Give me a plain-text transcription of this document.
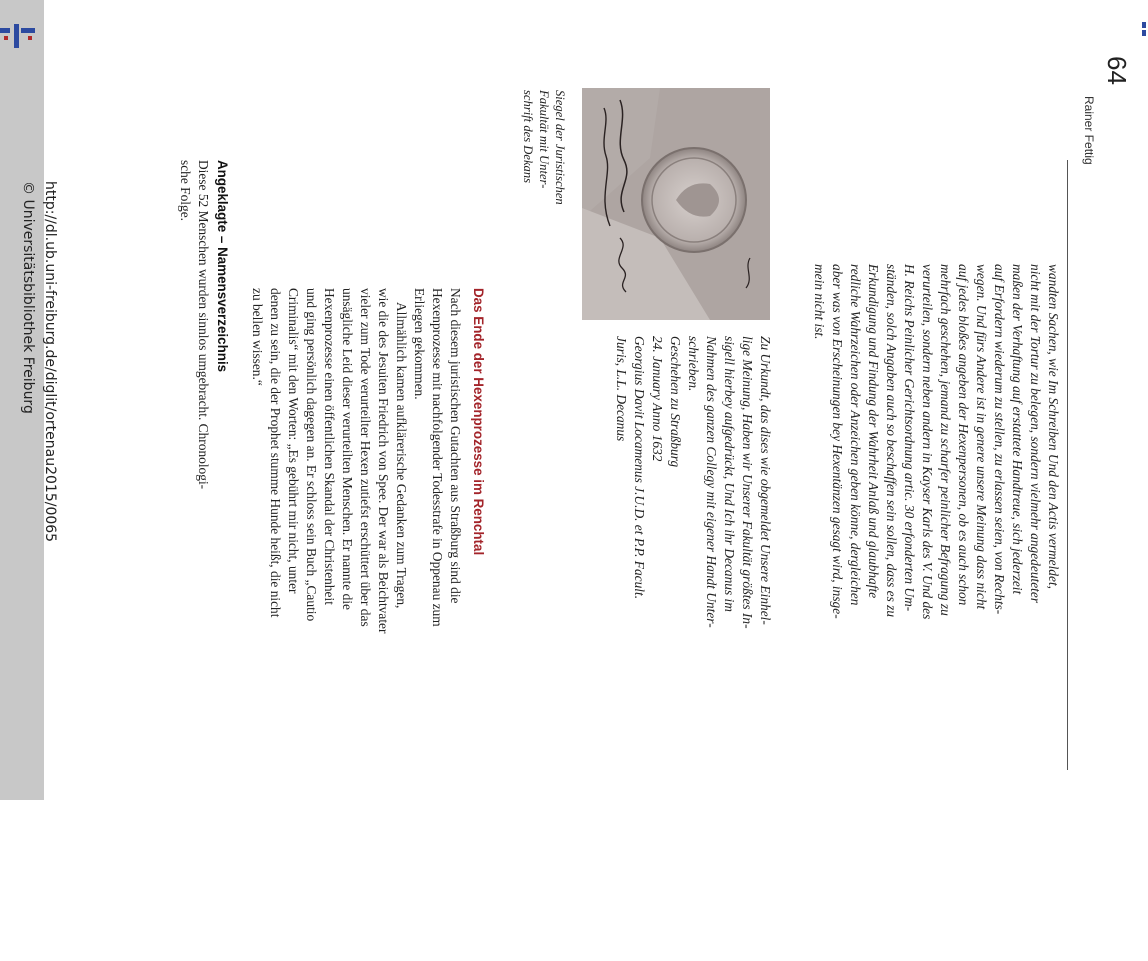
http://dl.ub.uni-freiburg.de/diglit/ortenau2015/0065
© Universitätsbibliothek Freiburg
64
Rainer Fettig
wandten Sachen, wie Im Schreiben Und den Actis vermeldet,
nicht mit der Tortur zu belegen, sondern vielmehr angedeuteter
maßen der Verhaftung auf erstattete Handtreue, sich jederzeit
auf Erfordern wiederum zu stellen, zu erlassen seien, von Rechts-
wegen. Und fürs Andere ist in genere unsere Meinung dass nicht
auf jedes bloßes angeben der Hexenpersonen, ob es auch schon
mehrfach geschehen, jemand zu scharfer peinlicher Befragung zu
verurteilen, sondern neben andern in Kayser Karls des V. Und des
H. Reichs Peinlicher Gerichtsordnung artic. 30 erfonderten Um-
ständen, solch Angaben auch so beschaffen sein sollen, dass es zu
Erkundigung und Findung der Wahrheit Anlaß und glaubhafte
redliche Wahrzeichen oder Anzeichen geben könne, dergleichen
aber was von Erscheinungen bey Hexentänzen gesagt wird, insge-
mein nicht ist.
Zu Urkundt, das dises wie obgemeldet Unsere Einhel-
lige Meinung, Haben wir Unserer Fakultät größtes In-
sigell hierbey aufgedrückt, Und Ich ihr Decanus im
Nahmen des ganzen Collegy mit eigener Handt Unter-
schrieben.
Geschehen zu Straßburg
24. January Anno 1632
Georgius Davit Locamenus J.U.D. et P.P. Facult.
Juris, L.L. Decanus
Siegel der Juristischen
Fakultät mit Unter-
schrift des Dekans
Das Ende der Hexenprozesse im Renchtal
Nach diesem juristischen Gutachten aus Straßburg sind die
Hexenprozesse mit nachfolgender Todesstrafe in Oppenau zum
Erliegen gekommen.
Allmählich kamen aufklärerische Gedanken zum Tragen,
wie die des Jesuiten Friedrich von Spee. Der war als Beichtvater
vieler zum Tode verurteilter Hexen zutiefst erschüttert über das
unsägliche Leid dieser verurteilten Menschen. Er nannte die
Hexenprozesse einen öffentlichen Skandal der Christenheit
und ging persönlich dagegen an. Er schloss sein Buch „Cautio
Criminalis“ mit den Worten: „Es gebührt mir nicht, unter
denen zu sein, die der Prophet stumme Hunde heißt, die nicht
zu bellen wissen.“
Angeklagte – Namensverzeichnis
Diese 52 Menschen wurden sinnlos umgebracht. Chronologi-
sche Folge.
